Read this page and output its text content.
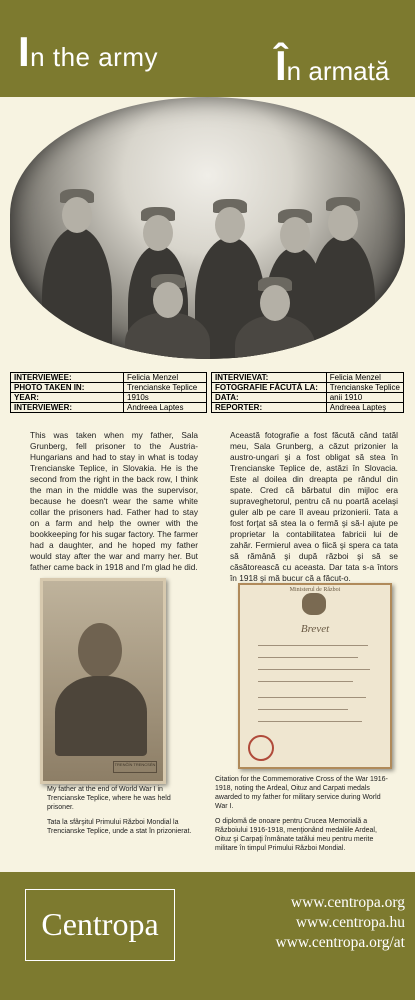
In the army	În armată
INTERVIEWEE:	Felicia Menzel
PHOTO TAKEN IN:	Trencianske Teplice
YEAR:	1910s
INTERVIEWER:	Andreea Laptes
INTERVIEVAT:	Felicia Menzel
FOTOGRAFIE FĂCUTĂ LA:	Trencianske Teplice
DATA:	anii 1910
REPORTER:	Andreea Lapteş
This was taken when my father, Sala Grunberg, fell prisoner to the Austria-Hungarians and had to stay in what is today Trencianske Teplice, in Slovakia. He is the second from the right in the back row, I think the man in the middle was the supervisor, because he doesn't wear the same white collar the prisoners had. Father had to stay on a farm and help the owner with the bookkeeping for his sugar factory. The farmer had a daughter, and he hoped my father would stay after the war and marry her. But father came back in 1918 and I'm glad he did.
Această fotografie a fost făcută când tatăl meu, Sala Grunberg, a căzut prizonier la austro-ungari şi a fost obligat să stea în Trencianske Teplice de, astăzi în Slovacia. Este al doilea din dreapta pe rândul din spate. Cred că bărbatul din mijloc era supraveghetorul, pentru că nu poartă acelaşi guler alb pe care îl aveau prizonierii. Tata a fost forţat să stea la o fermă şi să-l ajute pe proprietar la contabilitatea fabricii lui de zahăr. Fermierul avea o fiică şi spera ca tata să rămână şi după război şi să se căsătorească cu aceasta. Dar tata s-a întors în 1918 şi mă bucur că a făcut-o.
TRENČÍN TRENCSÉN
Ministerul de Război
Brevet

My father at the end of World War I in Trencianske Teplice, where he was held prisoner.

Tata la sfârşitul Primului Război Mondial la Trencianske Teplice, unde a stat în prizonierat.

Citation for the Commemorative Cross of the War 1916-1918, noting the Ardeal, Oituz and Carpati medals awarded to my father for military service during World War I.

O diplomă de onoare pentru Crucea Memorială a Războiului 1916-1918, menţionând medaliile Ardeal, Oituz şi Carpaţi înmânate tatălui meu pentru merite militare în timpul Primului Război Mondial.

Centropa
www.centropa.org
www.centropa.hu
www.centropa.org/at
